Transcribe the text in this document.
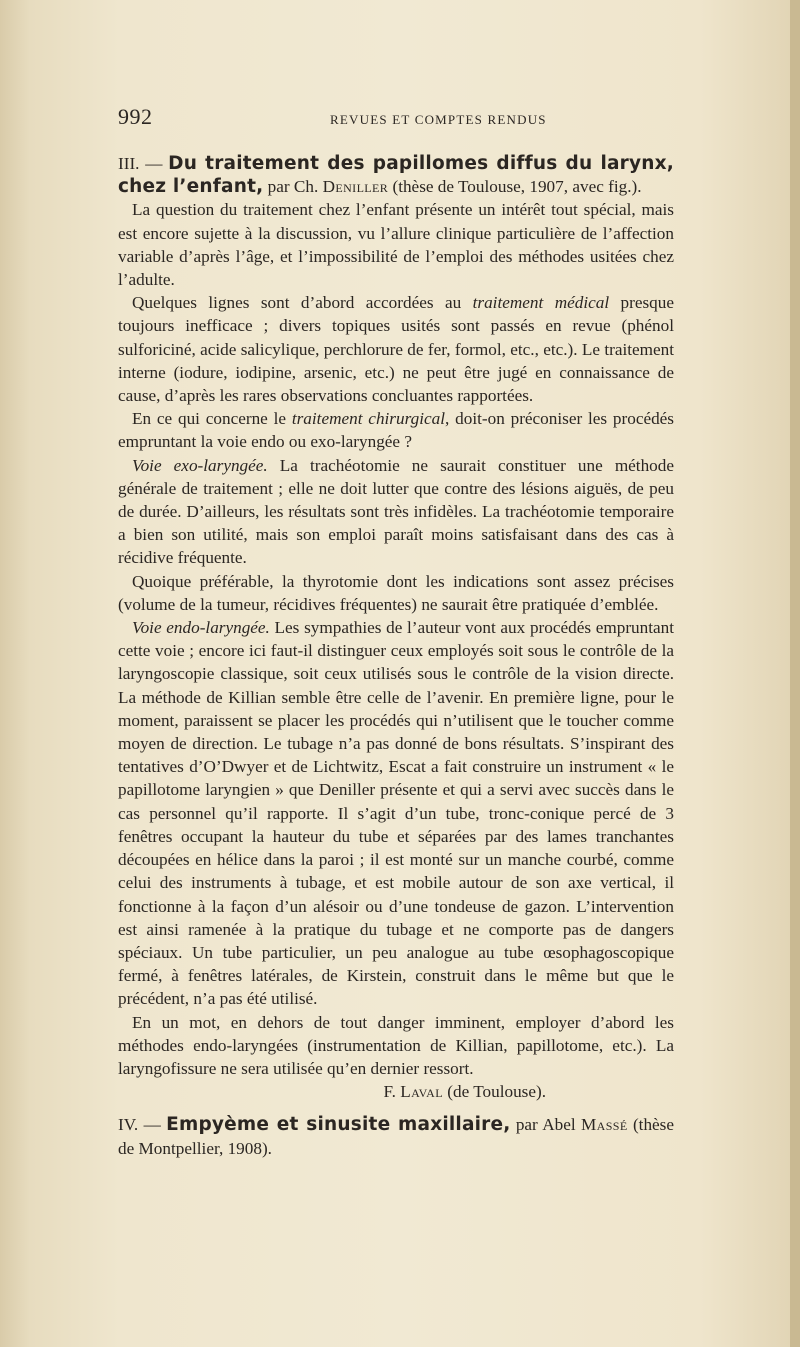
992	REVUES ET COMPTES RENDUS

III. — Du traitement des papillomes diffus du larynx, chez l’enfant, par Ch. Deniller (thèse de Toulouse, 1907, avec fig.).

La question du traitement chez l’enfant présente un intérêt tout spécial, mais est encore sujette à la discussion, vu l’allure clinique particulière de l’affection variable d’après l’âge, et l’impossibilité de l’emploi des méthodes usitées chez l’adulte.

Quelques lignes sont d’abord accordées au traitement médical presque toujours inefficace ; divers topiques usités sont passés en revue (phénol sulforiciné, acide salicylique, perchlorure de fer, formol, etc., etc.). Le traitement interne (iodure, iodipine, arsenic, etc.) ne peut être jugé en connaissance de cause, d’après les rares observations concluantes rapportées.

En ce qui concerne le traitement chirurgical, doit-on préconiser les procédés empruntant la voie endo ou exo-laryngée ?

Voie exo-laryngée. La trachéotomie ne saurait constituer une méthode générale de traitement ; elle ne doit lutter que contre des lésions aiguës, de peu de durée. D’ailleurs, les résultats sont très infidèles. La trachéotomie temporaire a bien son utilité, mais son emploi paraît moins satisfaisant dans des cas à récidive fréquente.

Quoique préférable, la thyrotomie dont les indications sont assez précises (volume de la tumeur, récidives fréquentes) ne saurait être pratiquée d’emblée.

Voie endo-laryngée. Les sympathies de l’auteur vont aux procédés empruntant cette voie ; encore ici faut-il distinguer ceux employés soit sous le contrôle de la laryngoscopie classique, soit ceux utilisés sous le contrôle de la vision directe. La méthode de Killian semble être celle de l’avenir. En première ligne, pour le moment, paraissent se placer les procédés qui n’utilisent que le toucher comme moyen de direction. Le tubage n’a pas donné de bons résultats. S’inspirant des tentatives d’O’Dwyer et de Lichtwitz, Escat a fait construire un instrument « le papillotome laryngien » que Deniller présente et qui a servi avec succès dans le cas personnel qu’il rapporte. Il s’agit d’un tube, tronc-conique percé de 3 fenêtres occupant la hauteur du tube et séparées par des lames tranchantes découpées en hélice dans la paroi ; il est monté sur un manche courbé, comme celui des instruments à tubage, et est mobile autour de son axe vertical, il fonctionne à la façon d’un alésoir ou d’une tondeuse de gazon. L’intervention est ainsi ramenée à la pratique du tubage et ne comporte pas de dangers spéciaux. Un tube particulier, un peu analogue au tube œsophagoscopique fermé, à fenêtres latérales, de Kirstein, construit dans le même but que le précédent, n’a pas été utilisé.

En un mot, en dehors de tout danger imminent, employer d’abord les méthodes endo-laryngées (instrumentation de Killian, papillotome, etc.). La laryngofissure ne sera utilisée qu’en dernier ressort.

F. Laval (de Toulouse).

IV. — Empyème et sinusite maxillaire, par Abel Massé (thèse de Montpellier, 1908).
